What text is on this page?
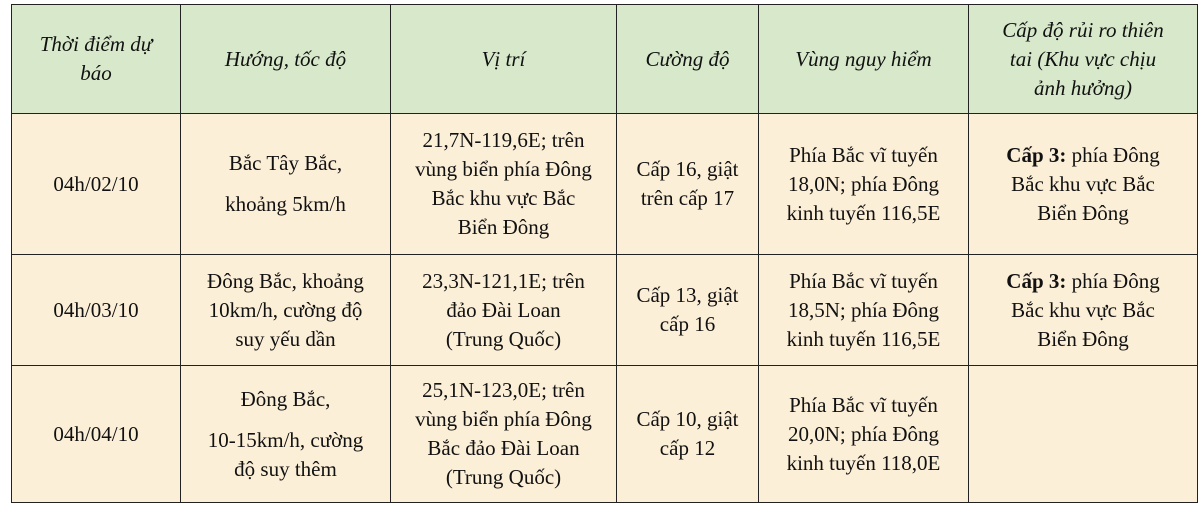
Thời điểm dự
báo	Hướng, tốc độ	Vị trí	Cường độ	Vùng nguy hiểm	Cấp độ rủi ro thiên
tai (Khu vực chịu
ảnh hưởng)

04h/02/10	Bắc Tây Bắc,
khoảng 5km/h	21,7N-119,6E; trên
vùng biển phía Đông
Bắc khu vực Bắc
Biển Đông	Cấp 16, giật
trên cấp 17	Phía Bắc vĩ tuyến
18,0N; phía Đông
kinh tuyến 116,5E	Cấp 3: phía Đông
Bắc khu vực Bắc
Biển Đông

04h/03/10	Đông Bắc, khoảng
10km/h, cường độ
suy yếu dần	23,3N-121,1E; trên
đảo Đài Loan
(Trung Quốc)	Cấp 13, giật
cấp 16	Phía Bắc vĩ tuyến
18,5N; phía Đông
kinh tuyến 116,5E	Cấp 3: phía Đông
Bắc khu vực Bắc
Biển Đông

04h/04/10	Đông Bắc,
10-15km/h, cường
độ suy thêm	25,1N-123,0E; trên
vùng biển phía Đông
Bắc đảo Đài Loan
(Trung Quốc)	Cấp 10, giật
cấp 12	Phía Bắc vĩ tuyến
20,0N; phía Đông
kinh tuyến 118,0E	
